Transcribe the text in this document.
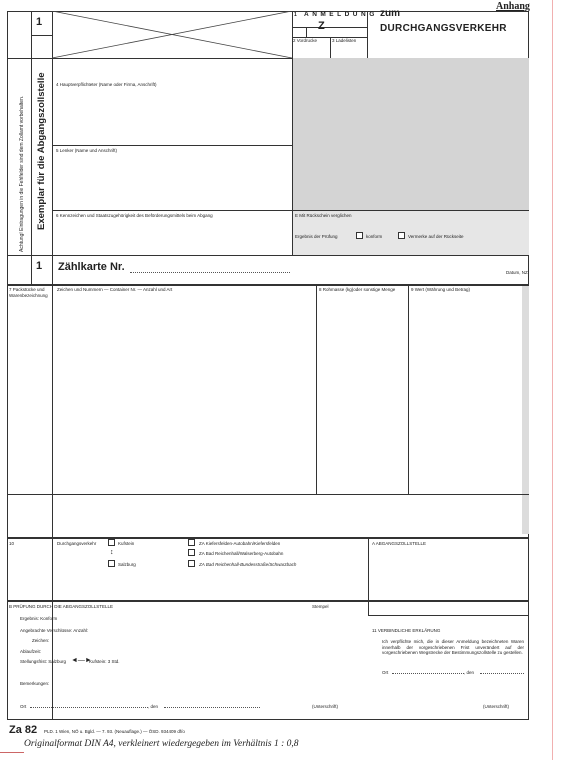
1 ANMELDUNG
Z
2 Vordrucke	3 Ladelisten
Anhang
zum
DURCHGANGSVERKEHR
1
1
Achtung! Eintragungen in die Fehlfelder sind dem Zollamt vorbehalten. Exemplar für die Abgangszollstelle 4 Hauptverpflichteter (Name oder Firma, Anschrift)
5 Lenker (Name und Anschrift)
6 Kennzeichen und Staatszugehörigkeit des Beförderungsmittels beim Abgang	E Mit Rückschein verglichen
Ergebnis der Prüfung	konform	Vermerke auf der Rückseite
Zählkarte Nr.	Datum, NZ
7 Packstücke und Warenbezeichnung
Zeichen und Nummern — Container Nr. — Anzahl und Art	8 Rohmasse (kg)oder sonstige Menge	9 Wert (Währung und Betrag)
10	Durchgangsverkehr	Kufstein
↕
Salzburg
ZA Kiefersfelden-Autobahn/Kiefersfelden
ZA Bad Reichenhall/Walserberg-Autobahn
ZA Bad Reichenhall-Bundesstraße/Schwarzbach
A ABGANGSZOLLSTELLE
B PRÜFUNG DURCH DIE ABGANGSZOLLSTELLE	Stempel
Ergebnis: Konform
Angebrachte Verschlüsse: Anzahl:
Zeichen:
Ablaufzeit:
Stellungsfrist: Salzburg ◄—►
Kufstein: 3 Std.
Bemerkungen:
Ort	, den	(Unterschrift)
11 VERBINDLICHE ERKLÄRUNG
Ich verpflichte mich, die in dieser Anmeldung bezeichneten Waren innerhalb der vorgeschriebenen Frist unverändert auf der vorgeschriebenen Wegstrecke der Bestimmungszollstelle zu gestellen.
Ort	, den
(Unterschrift)
Za 82 PLD. 1 Wien, NÖ u. Bgld. — 7. 93. (Neuauflage.) — ÖSD. 934409 df/o
Originalformat DIN A4, verkleinert wiedergegeben im Verhältnis 1 : 0,8
